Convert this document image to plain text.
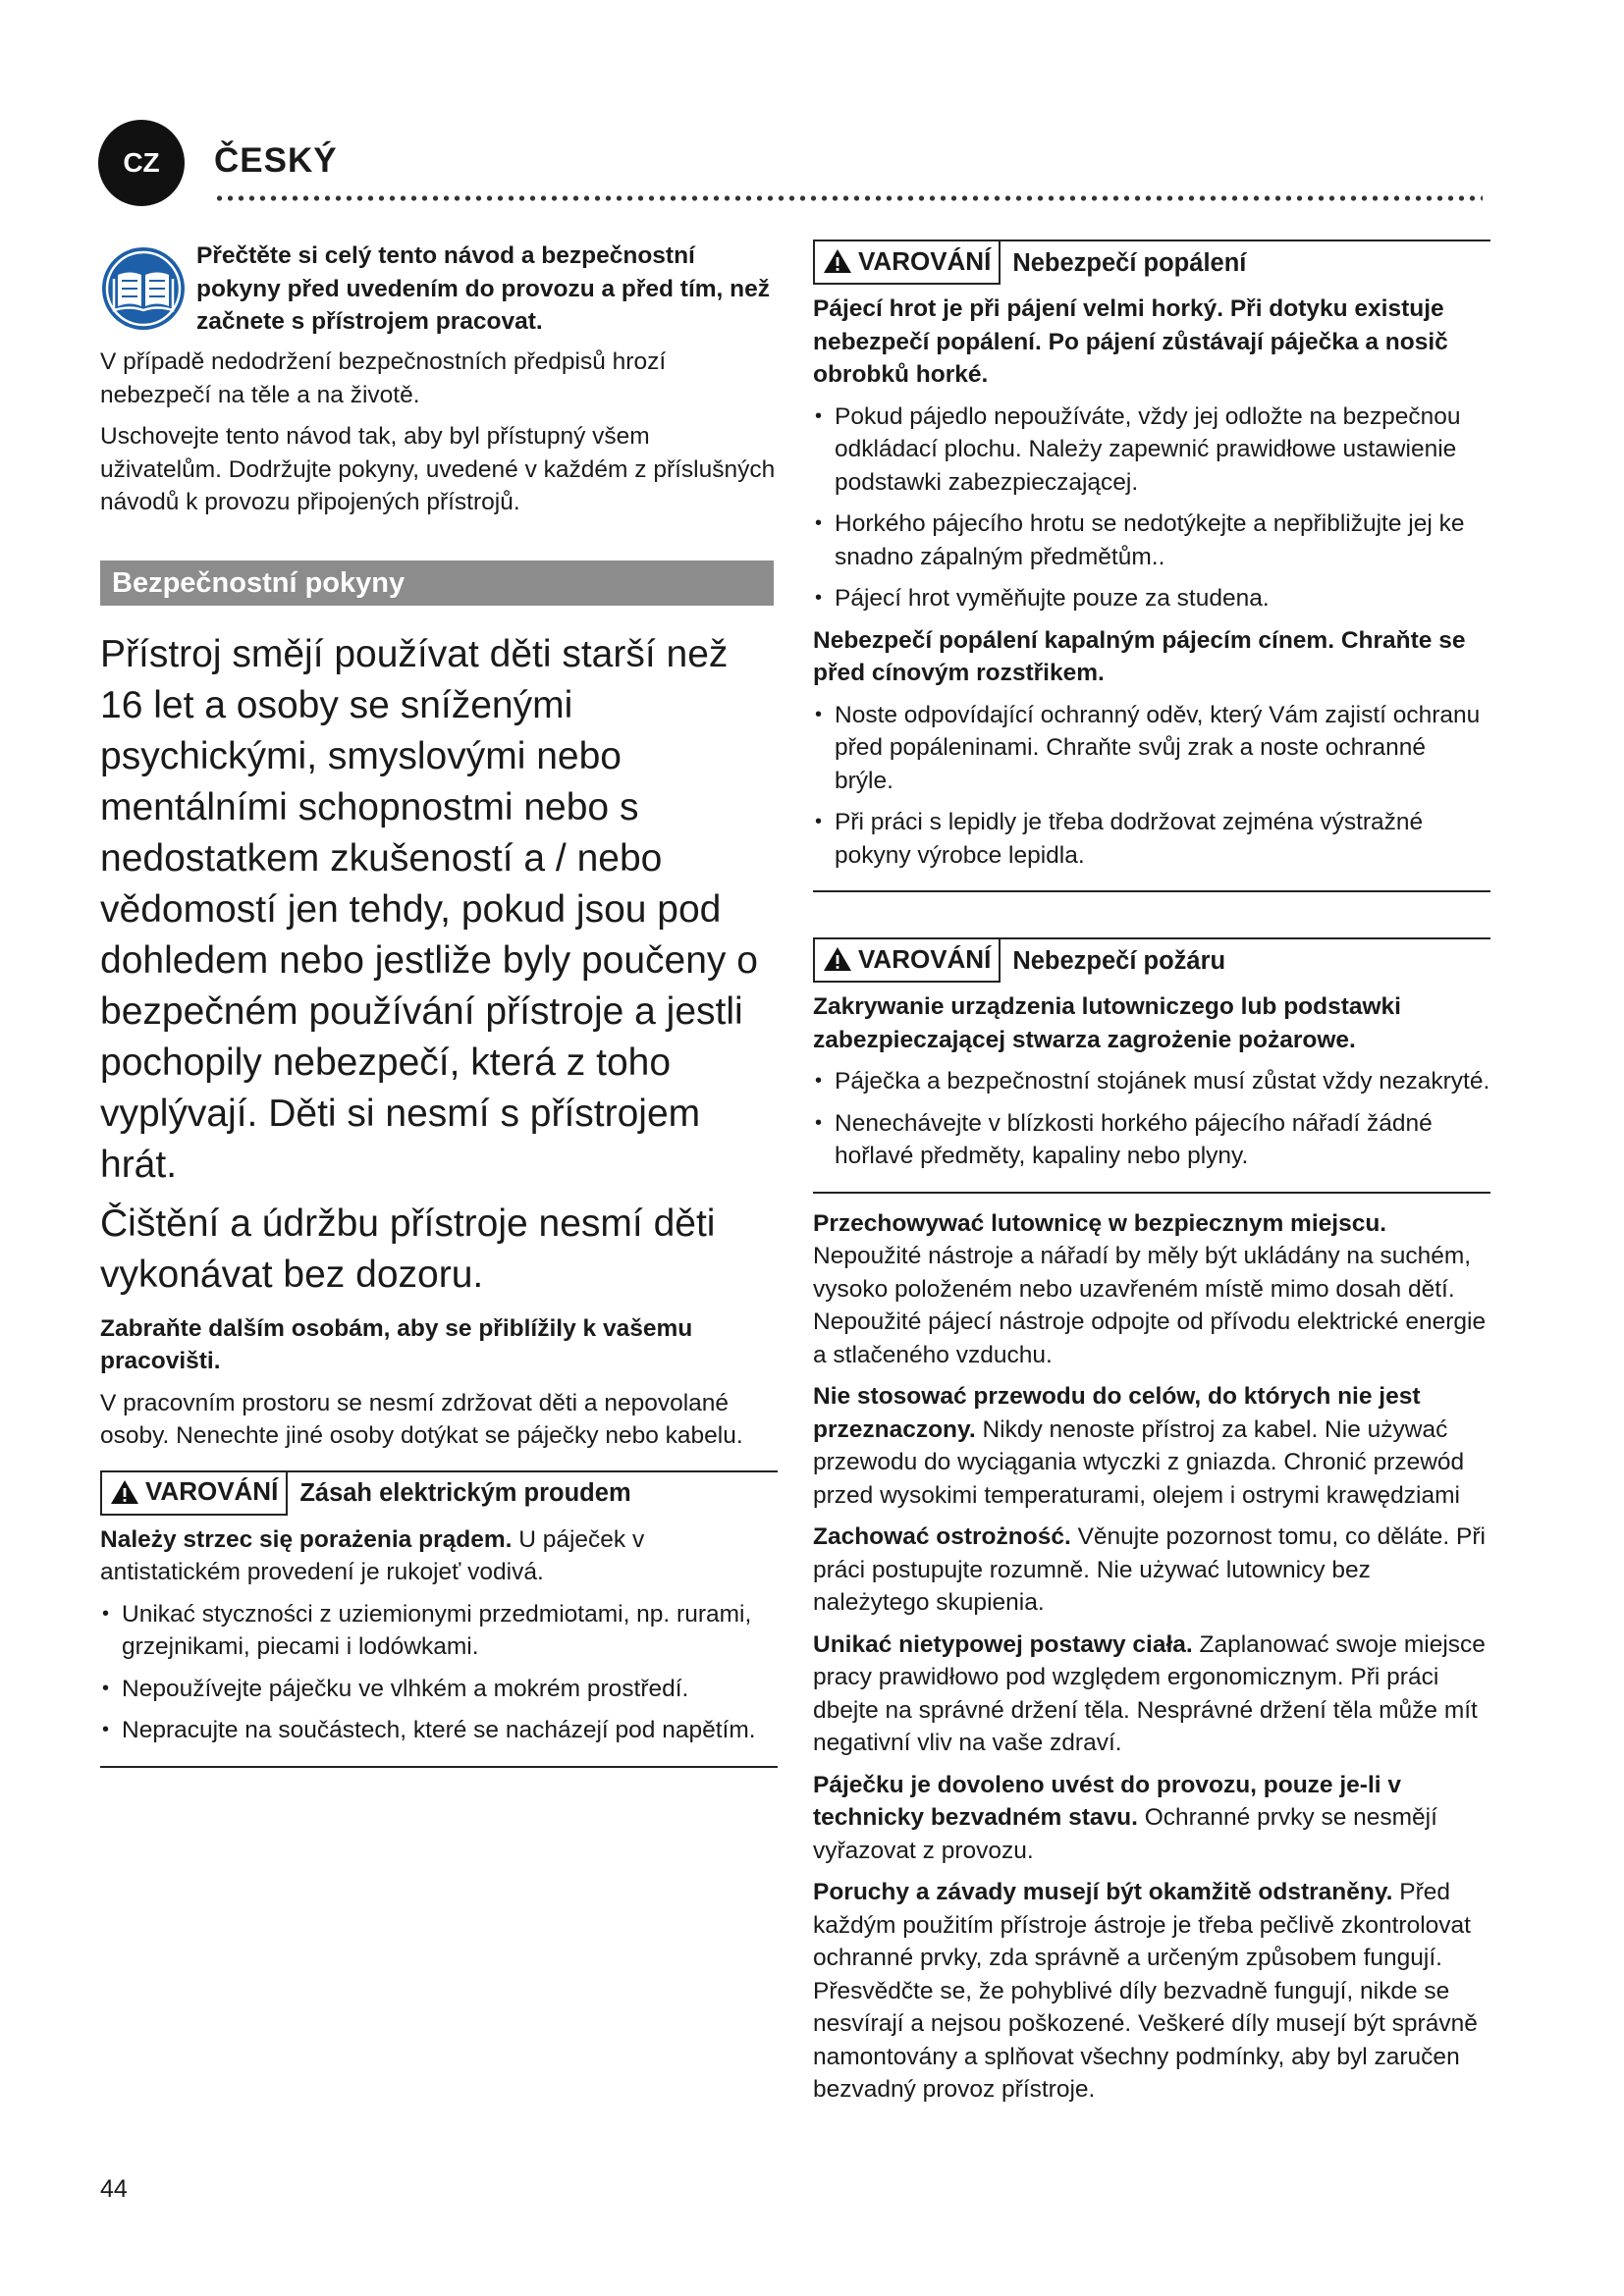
CZ	ČESKÝ
Přečtěte si celý tento návod a bezpečnostní pokyny před uvedením do provozu a před tím, než začnete s přístrojem pracovat.

V případě nedodržení bezpečnostních předpisů hrozí nebezpečí na těle a na životě.

Uschovejte tento návod tak, aby byl přístupný všem uživatelům. Dodržujte pokyny, uvedené v každém z příslušných návodů k provozu připojených přístrojů.

Bezpečnostní pokyny

Přístroj smějí používat děti starší než 16 let a osoby se sníženými psychickými, smyslovými nebo mentálními schopnostmi nebo s nedostatkem zkušeností a / nebo vědomostí jen tehdy, pokud jsou pod dohledem nebo jestliže byly poučeny o bezpečném používání přístroje a jestli pochopily nebezpečí, která z toho vyplývají. Děti si nesmí s přístrojem hrát.

Čištění a údržbu přístroje nesmí děti vykonávat bez dozoru.

Zabraňte dalším osobám, aby se přiblížily k vašemu pracovišti.

V pracovním prostoru se nesmí zdržovat děti a nepovolané osoby. Nenechte jiné osoby dotýkat se páječky nebo kabelu.

VAROVÁNÍ Zásah elektrickým proudem

Należy strzec się porażenia prądem. U páječek v antistatickém provedení je rukojeť vodivá.

• Unikać styczności z uziemionymi przedmiotami, np. rurami, grzejnikami, piecami i lodówkami.
• Nepoužívejte páječku ve vlhkém a mokrém prostředí.
• Nepracujte na součástech, které se nacházejí pod napětím.
VAROVÁNÍ Nebezpečí popálení

Pájecí hrot je při pájení velmi horký. Při dotyku existuje nebezpečí popálení. Po pájení zůstávají páječka a nosič obrobků horké.

• Pokud pájedlo nepoužíváte, vždy jej odložte na bezpečnou odkládací plochu. Należy zapewnić prawidłowe ustawienie podstawki zabezpieczającej.
• Horkého pájecího hrotu se nedotýkejte a nepřibližujte jej ke snadno zápalným předmětům..
• Pájecí hrot vyměňujte pouze za studena.

Nebezpečí popálení kapalným pájecím cínem. Chraňte se před cínovým rozstřikem.

• Noste odpovídající ochranný oděv, který Vám zajistí ochranu před popáleninami. Chraňte svůj zrak a noste ochranné brýle.
• Při práci s lepidly je třeba dodržovat zejména výstražné pokyny výrobce lepidla.
VAROVÁNÍ Nebezpečí požáru

Zakrywanie urządzenia lutowniczego lub podstawki zabezpieczającej stwarza zagrożenie pożarowe.

• Páječka a bezpečnostní stojánek musí zůstat vždy nezakryté.
• Nenechávejte v blízkosti horkého pájecího nářadí žádné hořlavé předměty, kapaliny nebo plyny.

Przechowywać lutownicę w bezpiecznym miejscu. Nepoužité nástroje a nářadí by měly být ukládány na suchém, vysoko položeném nebo uzavřeném místě mimo dosah dětí. Nepoužité pájecí nástroje odpojte od přívodu elektrické energie a stlačeného vzduchu.

Nie stosować przewodu do celów, do których nie jest przeznaczony. Nikdy nenoste přístroj za kabel. Nie używać przewodu do wyciągania wtyczki z gniazda. Chronić przewód przed wysokimi temperaturami, olejem i ostrymi krawędziami

Zachować ostrożność. Věnujte pozornost tomu, co děláte. Při práci postupujte rozumně. Nie używać lutownicy bez należytego skupienia.

Unikać nietypowej postawy ciała. Zaplanować swoje miejsce pracy prawidłowo pod względem ergonomicznym. Při práci dbejte na správné držení těla. Nesprávné držení těla může mít negativní vliv na vaše zdraví.

Páječku je dovoleno uvést do provozu, pouze je-li v technicky bezvadném stavu. Ochranné prvky se nesmějí vyřazovat z provozu.

Poruchy a závady musejí být okamžitě odstraněny. Před každým použitím přístroje ástroje je třeba pečlivě zkontrolovat ochranné prvky, zda správně a určeným způsobem fungují. Přesvědčte se, že pohyblivé díly bezvadně fungují, nikde se nesvírají a nejsou poškozené. Veškeré díly musejí být správně namontovány a splňovat všechny podmínky, aby byl zaručen bezvadný provoz přístroje.

44
